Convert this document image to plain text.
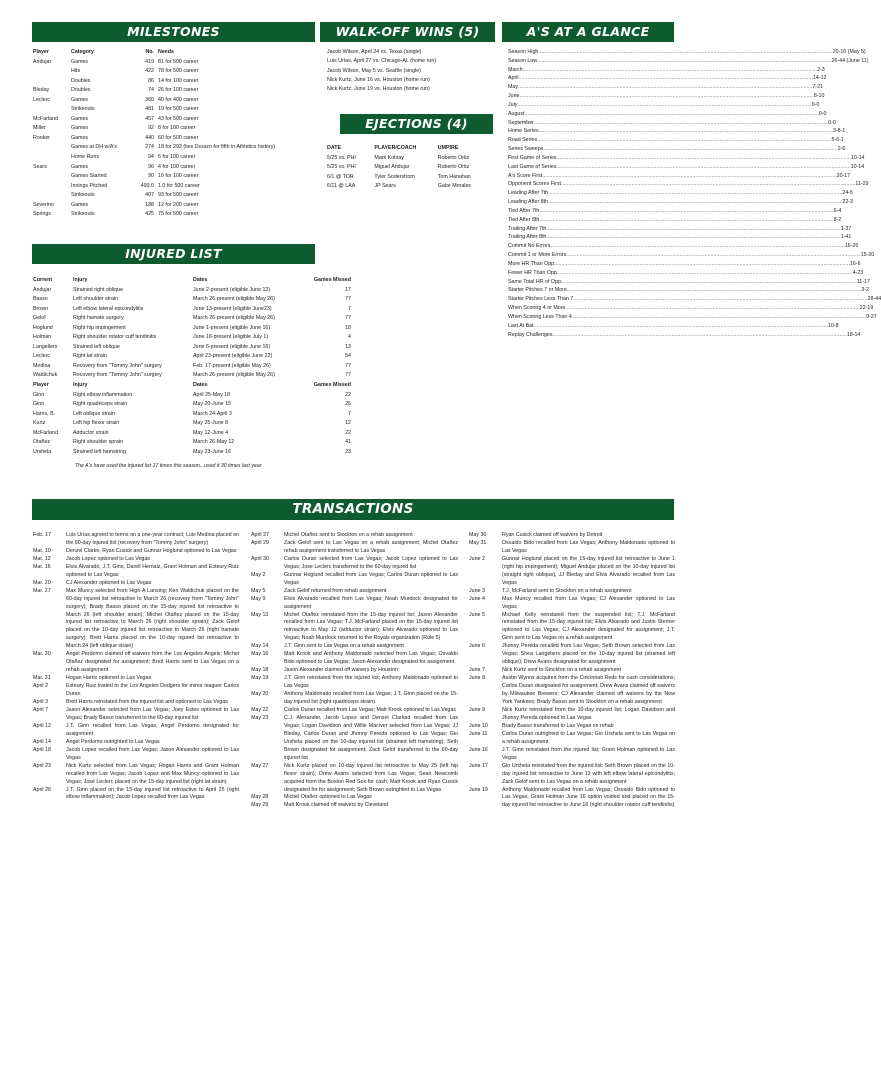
MILESTONES
Player	Category	No.	Needs
Andujar	Games	419	81 for 500 career
	Hits	422	78 for 500 career
	Doubles	86	14 for 100 career
Bleday	Doubles	74	26 for 100 career
Leclerc	Games	360	40 for 400 career
	Strikeouts	481	19 for 500 career
McFarland	Games	457	43 for 500 career
Miller	Games	92	8 for 100 career
Rooker	Games	440	60 for 500 career
	Games at DH w/A's	274	18 for 292 (ties Durazo for fifth in Athletics history)
	Home Runs	94	6 for 100 career
Sears	Games	96	4 for 100 career
	Games Started	90	10 for 100 career
	Innings Pitched	499.0	1.0 for 500 career
	Strikeouts	407	93 for 500 career
Severino	Games	188	12 for 200 career
Springs	Strikeouts	425	75 for 500 career
WALK-OFF WINS (5)
Jacob Wilson, April 24 vs. Texas (single)
Luis Urías, April 27 vs. Chicago-AL (home run)
Jacob Wilson, May 5 vs. Seattle (single)
Nick Kurtz, June 16 vs. Houston (home run)
Nick Kurtz, June 19 vs. Houston (home run)
EJECTIONS (4)
DATE	PLAYER/COACH	UMPIRE
5/25 vs. PHI	Mark Kotsay	Roberto Ortiz
5/25 vs. PHI	Miguel Andujar	Roberto Ortiz
6/1 @ TOR	Tyler Soderstrom	Tom Hanahan
6/11 @ LAA	JP Sears	Gabe Morales
A'S AT A GLANCE
Season High ........................................................................................................................................................................................................ 20-16 (May 5)
Season Low ........................................................................................................................................................................................................ 26-44 (June 11)
March ........................................................................................................................................................................................................ 2-3
April ........................................................................................................................................................................................................ 14-12
May ........................................................................................................................................................................................................ 7-21
June ........................................................................................................................................................................................................ 8-10
July ........................................................................................................................................................................................................ 0-0
August ........................................................................................................................................................................................................ 0-0
September ........................................................................................................................................................................................................ 0-0
Home Series ........................................................................................................................................................................................................ 3-8-1
Road Series ........................................................................................................................................................................................................ 5-6-1
Series Sweeps ........................................................................................................................................................................................................ 2-6
First Game of Series ........................................................................................................................................................................................................ 10-14
Last Game of Series ........................................................................................................................................................................................................ 10-14
A's Score First ........................................................................................................................................................................................................ 20-17
Opponent Scores First ........................................................................................................................................................................................................ 11-29
Leading After 7th ........................................................................................................................................................................................................ 24-5
Leading After 8th ........................................................................................................................................................................................................ 22-3
Tied After 7th ........................................................................................................................................................................................................ 6-4
Tied After 8th ........................................................................................................................................................................................................ 8-2
Trailing After 7th ........................................................................................................................................................................................................ 1-37
Trailing After 8th ........................................................................................................................................................................................................ 1-41
Commit No Errors ........................................................................................................................................................................................................ 16-26
Commit 1 or More Errors ........................................................................................................................................................................................................ 15-20
More HR Than Opp. ........................................................................................................................................................................................................ 16-6
Fewer HR Than Opp. ........................................................................................................................................................................................................ 4-23
Same Total HR of Opp. ........................................................................................................................................................................................................ 11-17
Starter Pitches 7 or More ........................................................................................................................................................................................................ 3-2
Starter Pitches Less Than 7 ........................................................................................................................................................................................................ 28-44
When Scoring 4 or More ........................................................................................................................................................................................................ 22-19
When Scoring Less Than 4 ........................................................................................................................................................................................................ 9-27
Last At Bat ........................................................................................................................................................................................................ 10-8
Replay Challenges ........................................................................................................................................................................................................ 18-14
INJURED LIST
Current	Injury	Dates	Games Missed
Andujar	Strained right oblique	June 2-present (eligible June 12)	17
Basso	Left shoulder strain	March 26-present (eligible May 26)	77
Brown	Left elbow lateral epicondylitis	June 13-present (eligible June23)	7
Gelof	Right hamate surgery	March 26-present (eligible May 26)	77
Hoglund	Right hip impingement	June 1-present (eligible June 16)	18
Holman	Right shoulder rotator cuff tendinitis	June 16-present (eligible July 1)	4
Langeliers	Strained left oblique	June 6-present (eligible June 16)	13
Leclerc	Right lat strain	April 23-present (eligible June 22)	54
Medina	Recovery from "Tommy John" surgery	Feb. 17-present (eligible May 26)	77
Waldichuk	Recovery from "Tommy John" surgery	March 26-present (eligible May 26)	77
Player	Injury	Dates	Games Missed
Ginn	Right elbow inflammation	April 25-May 18	22
Ginn	Right quadriceps strain	May 20-June 15	25
Harris, B.	Left oblique strain	March 24-April 3	7
Kurtz	Left hip flexor strain	May 25-June 8	12
McFarland	Adductor strain	May 12-June 4	22
Otañez	Right shoulder sprain	March 26-May 12	41
Urshela	Strained left hamstring	May 23-June 16	23
The A's have used the injured list 17 times this season...used it 30 times last year
TRANSACTIONS
Feb. 17	Luis Urías agreed to terms on a one-year contract; Luis Medina placed on the 60-day injured list (recovery from "Tommy John" surgery)
Mar. 10	Denzel Clarke, Ryan Cusick and Gunnar Hoglund optioned to Las Vegas
Mar. 12	Jacob Lopez optioned to Las Vegas
Mar. 16	Elvis Alvarado, J.T. Ginn, Darell Hernaiz, Grant Holman and Esteury Ruiz optioned to Las Vegas
Mar. 20	CJ Alexander optioned to Las Vegas
Mar. 27	Max Muncy selected from High-A Lansing; Ken Waldichuk placed on the 60-day injured list retroactive to March 26 (recovery from "Tommy John" surgery); Brady Basso placed on the 15-day injured list retroactive to March 26 (left shoulder strain); Michel Otañez placed on the 15-day injured list retroactive to March 26 (right shoulder sprain); Zack Gelof placed on the 10-day injured list retroactive to March 26 (right hamate surgery); Brett Harris placed on the 10-day injured list retroactive to March 24 (left oblique strain)
Mar. 30	Angel Perdomo claimed off waivers from the Los Angeles Angels; Michel Otañez designated for assignment; Brett Harris sent to Las Vegas on a rehab assignment
Mar. 31	Hogan Harris optioned to Las Vegas
April 2	Esteury Ruiz traded to the Los Angeles Dodgers for minor leaguer Carlos Duran
April 3	Brett Harris reinstated from the injured list and optioned to Las Vegas
April 7	Jason Alexander selected from Las Vegas; Joey Estes optioned to Las Vegas; Brady Basso transferred to the 60-day injured list
April 12	J.T. Ginn recalled from Las Vegas; Angel Perdomo designated for assignment
April 14	Angel Perdomo outrighted to Las Vegas
April 18	Jacob Lopez recalled from Las Vegas; Jason Alexander optioned to Las Vegas
April 23	Nick Kurtz selected from Las Vegas; Hogan Harris and Grant Holman recalled from Las Vegas; Jacob Lopez and Max Muncy optioned to Las Vegas; José Leclerc placed on the 15-day injured list (right lat strain)
April 26	J.T. Ginn placed on the 15-day injured list retroactive to April 25 (right elbow inflammation); Jacob Lopez recalled from Las Vegas
April 27	Michel Otañez sent to Stockton on a rehab assignment
April 29	Zack Gelof sent to Las Vegas on a rehab assignment; Michel Otañez rehab assignment transferred to Las Vegas
April 30	Carlos Duran selected from Las Vegas; Jacob Lopez optioned to Las Vegas; Jose Leclerc transferred to the 60-day injured list
May 2	Gunnar Hoglund recalled from Las Vegas; Carlos Duran optioned to Las Vegas
May 5	Zack Gelof returned from rehab assignment
May 9	Elvis Alvarado recalled from Las Vegas; Noah Murdock designated for assignment
May 13	Michel Otañez reinstated from the 15-day injured list; Jason Alexander recalled from Las Vegas; T.J. McFarland placed on the 15-day injured list retroactive to May 12 (adductor strain); Elvis Alvarado optioned to Las Vegas; Noah Murdock returned to the Royals organization (Rule 5)
May 14	J.T. Ginn sent to Las Vegas on a rehab assignment
May 16	Matt Krook and Anthony Maldonado selected from Las Vegas; Osvaldo Bido optioned to Las Vegas; Jason Alexander designated for assignment
May 18	Jason Alexander claimed off waivers by Houston
May 19	J.T. Ginn reinstated from the injured list; Anthony Maldonado optioned to Las Vegas
May 20	Anthony Maldonado recalled from Las Vegas; J.T. Ginn placed on the 15-day injured list (right quadriceps strain)
May 22	Carlos Duran recalled from Las Vegas; Matt Krook optioned to Las Vegas
May 23	C.J. Alexander, Jacob Lopez and Denzel Clarked recalled from Las Vegas; Logan Davidson and Willie Maciver selected from Las Vegas; JJ Bleday, Carlos Duran and Jhonny Pereda optioned to Las Vegas; Gio Urshela placed on the 10-day injured list (strained left hamstring); Seth Brown designated for assignment; Zack Gelof transferred to the 60-day injured list
May 27	Nick Kurtz placed on 10-day injured list retroactive to May 25 (left hip flexor strain); Drew Avans selected from Las Vegas; Sean Newcomb acquired from the Boston Red Sox for cash; Matt Krook and Ryan Cusick designated for for assignment; Seth Brown outrighted to Las Vegas
May 28	Michel Otañez optioned to Las Vegas
May 29	Matt Krook claimed off waivers by Cleveland
May 30	Ryan Cusick claimed off waivers by Detroit
May 31	Osvaldo Bido recalled from Las Vegas; Anthony Maldonado optioned to Las Vegas
June 2	Gunnar Hoglund placed on the 15-day injured list retroactive to June 1 (right hip impingement); Miguel Andujar placed on the 10-day injured list (straight right oblique), JJ Bleday and Elvis Alvarado recalled from Las Vegas
June 3	T.J. McFarland sent to Stockton on a rehab assignment
June 4	Max Muncy recalled from Las Vegas; CJ Alexander optioned to Las Vegas
June 5	Michael Kelly reinstated from the suspended list; T.J. McFarland reinstated from the 15-day injured list; Elvis Alvarado and Justin Sterner optioned to Las Vegas; CJ Alexander designated for assignment; J.T. Ginn sent to Las Vegas on a rehab assignment
June 6	Jhonny Pereda recalled from Las Vegas; Seth Brown selected from Las Vegas; Shea Langeliers placed on the 10-day injured list (strained left oblique); Drew Avans designated for assignment
June 7	Nick Kurtz sent to Stockton on a rehab assignment
June 8	Austin Wynns acquired from the Cincinnati Reds for cash considerations; Carlos Duran designated for assignment; Drew Avans claimed off waivers by Milwaukee Brewers; CJ Alexander claimed off waivers by the New York Yankees; Brady Basso sent to Stockton on a rehab assignment
June 9	Nick Kurtz reinstated from the 10-day injured list; Logan Davidson and Jhonny Pereda optioned to Las Vegas
June 10	Brady Basso transferred to Las Vegas on rehab
June 11	Carlos Duran outrighted to Las Vegas; Gio Urshela sent to Las Vegas on a rehab assignment
June 16	J.T. Ginn reinstated from the injured list; Grant Holman optioned to Las Vegas
June 17	Gio Urshela reinstated from the injured list; Seth Brown placed on the 10-day injured list retroactive to June 13 with left elbow lateral epicondylitis; Zack Gelof sent to Las Vegas on a rehab assignment
June 19	Anthony Maldonado recalled from Las Vegas; Osvaldo Bido optioned to Las Vegas, Grant Holman June 16 option voided and placed on the 15-day injured list retroactive to June 16 (right shoulder rotator cuff tendinitis)
